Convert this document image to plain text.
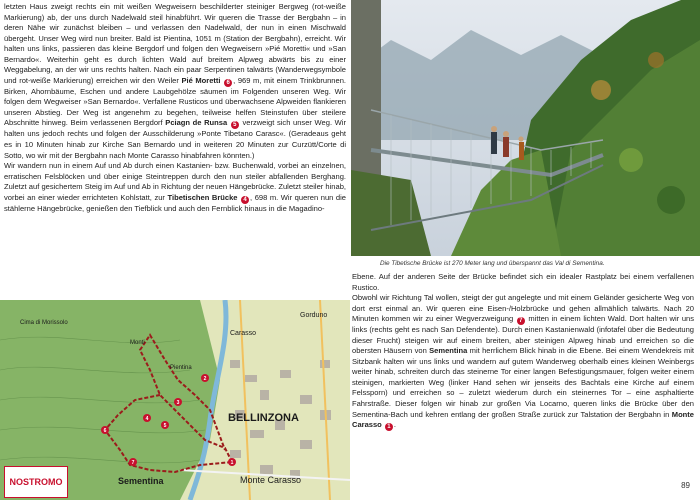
letzten Haus zweigt rechts ein mit weißen Wegweisern beschilderter steiniger Bergweg (rot-weiße Markierung) ab, der uns durch Nadelwald steil hinabführt. Wir queren die Trasse der Bergbahn – in deren Nähe wir zunächst bleiben – und verlassen den Nadelwald, der nun in einen Mischwald übergeht. Unser Weg wird nun breiter. Bald ist Pientina, 1051 m (Station der Bergbahn), erreicht. Wir halten uns links, passieren das kleine Bergdorf und folgen den Wegweisern »Pié Moretti« und »San Bernardo«. Weiterhin geht es durch lichten Wald auf breitem Alpweg abwärts bis zu einer Weggabelung, an der wir uns rechts halten. Nach ein paar Serpentinen talwärts (Wanderwegsymbole und rot-weiße Markierung) erreichen wir den Weiler Pié Moretti 6 , 969 m, mit einem Trinkbrunnen. Birken, Ahornbäume, Eschen und andere Laubgehölze säumen im Folgenden unseren Weg. Wir folgen dem Wegweiser »San Bernardo«. Verfallene Rusticos und überwachsene Alpweiden flankieren unseren Abstieg. Der Weg ist angenehm zu begehen, teilweise helfen Steinstufen über steilere Abschnitte hinweg. Beim verlassenen Bergdorf Pciagn de Runsa 5 verzweigt sich unser Weg. Wir halten uns jedoch rechts und folgen der Ausschilderung »Ponte Tibetano Carasc«. (Geradeaus geht es in 10 Minuten hinab zur Kirche San Bernardo und in weiteren 20 Minuten zur Curzütt/Corte di Sotto, wo wir mit der Bergbahn nach Monte Carasso hinabfahren könnten.)

Wir wandern nun in einem Auf und Ab durch einen Kastanien- bzw. Buchenwald, vorbei an einzelnen, erratischen Felsblöcken und über einige Steintreppen durch den nun steiler abfallenden Berghang. Zuletzt auf gesichertem Steig im Auf und Ab in Richtung der neuen Hängebrücke. Zuletzt steiler hinab, vorbei an einer wieder errichteten Kohlstatt, zur Tibetischen Brücke 4 , 698 m. Wir queren nun die stählerne Hängebrücke, genießen den Tiefblick und auch den Fernblick hinaus in die Magadino-

Die Tibetische Brücke ist 270 Meter lang und überspannt das Val di Sementina.

Ebene. Auf der anderen Seite der Brücke befindet sich ein idealer Rastplatz bei einem verfallenen Rustico.

Obwohl wir Richtung Tal wollen, steigt der gut angelegte und mit einem Geländer gesicherte Weg von dort erst einmal an. Wir queren eine Eisen-/Holzbrücke und gehen allmählich talwärts. Nach 20 Minuten kommen wir zu einer Wegverzweigung 7 mitten in einem lichten Wald. Dort halten wir uns links (rechts geht es nach San Defendente). Durch einen Kastanienwald (infotafel über die Bedeutung dieser Frucht) steigen wir auf einem breiten, aber steinigen Alpweg hinab und erreichen so die obersten Häusern von Sementina mit herrlichem Blick hinab in die Ebene. Bei einem Wendekreis mit Sitzbank halten wir uns links und wandern auf gutem Wanderweg oberhalb eines kleinen Weinbergs weiter hinab, schreiten durch das steinerne Tor einer langen Befestigungsmauer, folgen weiter einem steinigen, markierten Weg (linker Hand sehen wir jenseits des Bachtals eine Kirche auf einem Felssporn) und erreichen so – zuletzt wiederum durch ein steinernes Tor – eine asphaltierte Fahrstraße. Dieser folgen wir hinab zur großen Via Locarno, queren links die Brücke über den Sementina-Bach und kehren entlang der großen Straße zurück zur Talstation der Bergbahn in Monte Carasso 1 .

1
2
3
4
5
6
7
BELLINZONA
Sementina	Monte Carasso
Carasso
Monti
Gorduno
Pientina
Cima di Morissolo
NOSTROMO	89
